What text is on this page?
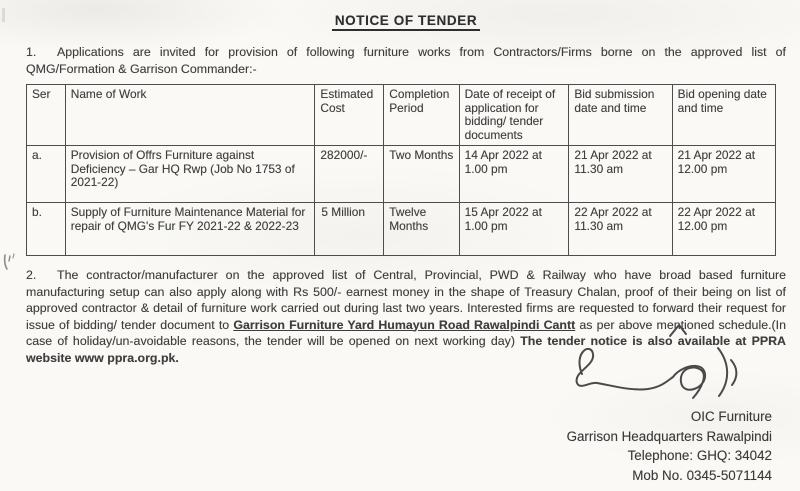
NOTICE OF TENDER

1. Applications are invited for provision of following furniture works from Contractors/Firms borne on the approved list of QMG/Formation & Garrison Commander:-

Ser	Name of Work	Estimated Cost	Completion Period	Date of receipt of application for bidding/ tender documents	Bid submission date and time	Bid opening date and time
a.	Provision of Offrs Furniture against Deficiency – Gar HQ Rwp (Job No 1753 of 2021-22)	282000/-	Two Months	14 Apr 2022 at 1.00 pm	21 Apr 2022 at 11.30 am	21 Apr 2022 at 12.00 pm
b.	Supply of Furniture Maintenance Material for repair of QMG's Fur FY 2021-22 & 2022-23	5 Million	Twelve Months	15 Apr 2022 at 1.00 pm	22 Apr 2022 at 11.30 am	22 Apr 2022 at 12.00 pm

2. The contractor/manufacturer on the approved list of Central, Provincial, PWD & Railway who have broad based furniture manufacturing setup can also apply along with Rs 500/- earnest money in the shape of Treasury Chalan, proof of their being on list of approved contractor & detail of furniture work carried out during last two years. Interested firms are requested to forward their request for issue of bidding/ tender document to Garrison Furniture Yard Humayun Road Rawalpindi Cantt as per above mentioned schedule.(In case of holiday/un-avoidable reasons, the tender will be opened on next working day) The tender notice is also available at PPRA website www ppra.org.pk.

OIC Furniture
Garrison Headquarters Rawalpindi
Telephone: GHQ: 34042
Mob No. 0345-5071144
